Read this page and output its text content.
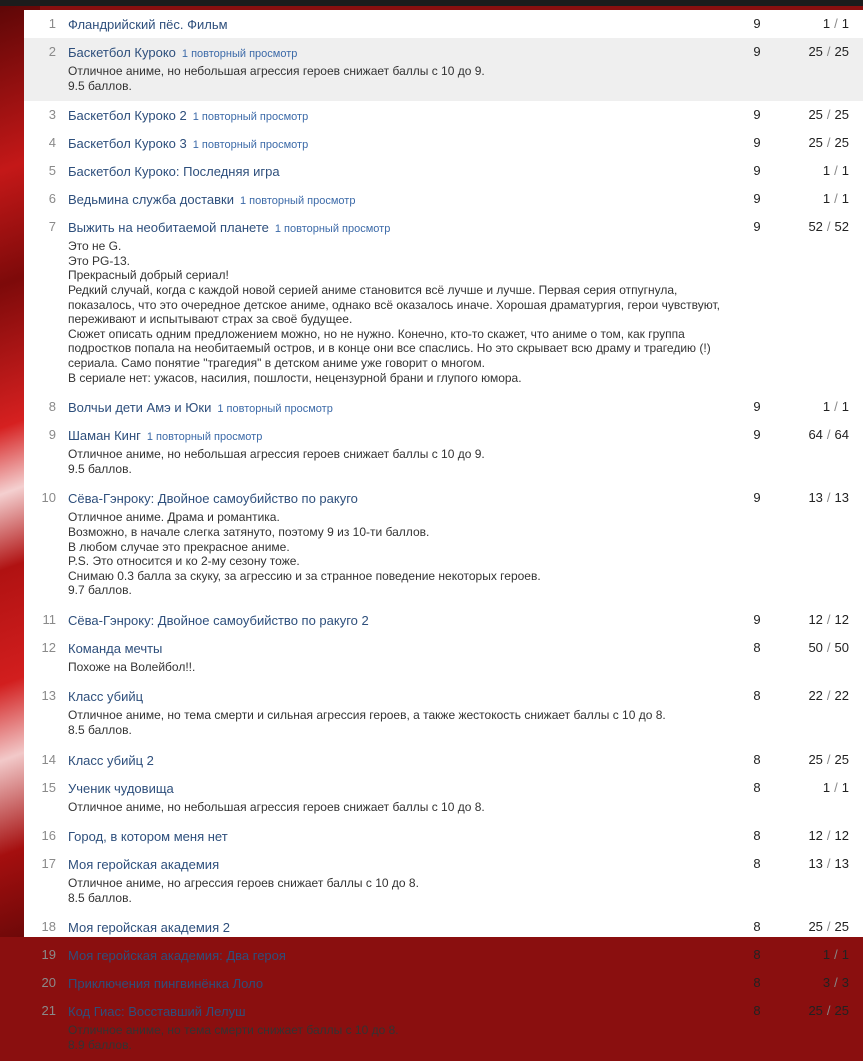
1 Фландрийский пёс. Фильм	9	1 / 1
2 Баскетбол Куроко 1 повторный просмотр
Отличное аниме, но небольшая агрессия героев снижает баллы с 10 до 9.
9.5 баллов.
9	25 / 25
3 Баскетбол Куроко 2 1 повторный просмотр	9	25 / 25
4 Баскетбол Куроко 3 1 повторный просмотр	9	25 / 25
5 Баскетбол Куроко: Последняя игра	9	1 / 1
6 Ведьмина служба доставки 1 повторный просмотр	9	1 / 1
7 Выжить на необитаемой планете 1 повторный просмотр
Это не G.
Это PG-13.
Прекрасный добрый сериал!
Редкий случай, когда с каждой новой серией аниме становится всё лучше и лучше. Первая серия отпугнула,
показалось, что это очередное детское аниме, однако всё оказалось иначе. Хорошая драматургия, герои чувствуют,
переживают и испытывают страх за своё будущее.
Сюжет описать одним предложением можно, но не нужно. Конечно, кто-то скажет, что аниме о том, как группа
подростков попала на необитаемый остров, и в конце они все спаслись. Но это скрывает всю драму и трагедию (!)
сериала. Само понятие "трагедия" в детском аниме уже говорит о многом.
В сериале нет: ужасов, насилия, пошлости, нецензурной брани и глупого юмора.
9	52 / 52
8 Волчьи дети Амэ и Юки 1 повторный просмотр	9	1 / 1
9 Шаман Кинг 1 повторный просмотр
Отличное аниме, но небольшая агрессия героев снижает баллы с 10 до 9.
9.5 баллов.
9	64 / 64
10 Сёва-Гэнроку: Двойное самоубийство по ракуго
Отличное аниме. Драма и романтика.
Возможно, в начале слегка затянуто, поэтому 9 из 10-ти баллов.
В любом случае это прекрасное аниме.
P.S. Это относится и ко 2-му сезону тоже.
Снимаю 0.3 балла за скуку, за агрессию и за странное поведение некоторых героев.
9.7 баллов.
9	13 / 13
11 Сёва-Гэнроку: Двойное самоубийство по ракуго 2	9	12 / 12
12 Команда мечты
Похоже на Волейбол!!.
8	50 / 50
13 Класс убийц
Отличное аниме, но тема смерти и сильная агрессия героев, а также жестокость снижает баллы с 10 до 8.
8.5 баллов.
8	22 / 22
14 Класс убийц 2	8	25 / 25
15 Ученик чудовища
Отличное аниме, но небольшая агрессия героев снижает баллы с 10 до 8.
8	1 / 1
16 Город, в котором меня нет	8	12 / 12
17 Моя геройская академия
Отличное аниме, но агрессия героев снижает баллы с 10 до 8.
8.5 баллов.
8	13 / 13
18 Моя геройская академия 2	8	25 / 25
19 Моя геройская академия: Два героя	8	1 / 1
20 Приключения пингвинёнка Лоло	8	3 / 3
21 Код Гиас: Восставший Лелуш
Отличное аниме, но тема смерти снижает баллы с 10 до 8.
8.9 баллов.
8	25 / 25
